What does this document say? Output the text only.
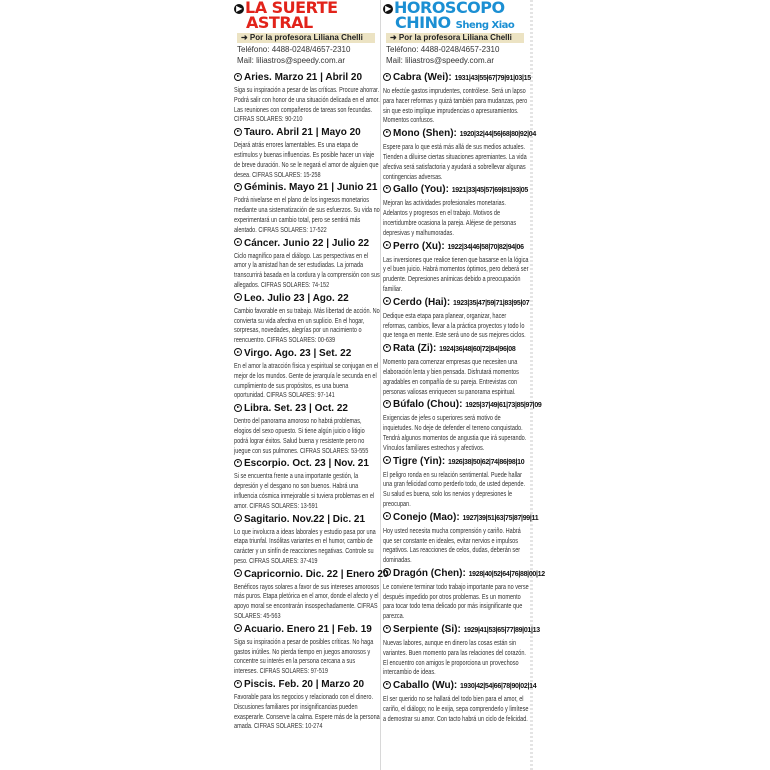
▶ LA SUERTE
ASTRAL
➜ Por la profesora Liliana Chelli
Teléfono: 4488-0248/4657-2310
Mail: liliastros@speedy.com.ar
Aries. Marzo 21 | Abril 20
Siga su inspiración a pesar de las críticas. Procure ahorrar. Podrá salir con honor de una situación delicada en el amor. Las reuniones con compañeros de tareas son fecundas. CIFRAS SOLARES: 90-210
Tauro. Abril 21 | Mayo 20
Dejará atrás errores lamentables. Es una etapa de estímulos y buenas influencias. Es posible hacer un viaje de breve duración. No se le negará el amor de alguien que desea. CIFRAS SOLARES: 15-258
Géminis. Mayo 21 | Junio 21
Podrá nivelarse en el plano de los ingresos monetarios mediante una sistematización de sus esfuerzos. Su vida no experimentará un cambio total, pero se sentirá más alentado. CIFRAS SOLARES: 17-522
Cáncer. Junio 22 | Julio 22
Ciclo magnífico para el diálogo. Las perspectivas en el amor y la amistad han de ser estudiadas. La jornada transcurrirá basada en la cordura y la comprensión con sus allegados. CIFRAS SOLARES: 74-152
Leo. Julio 23 | Ago. 22
Cambio favorable en su trabajo. Más libertad de acción. No convierta su vida afectiva en un suplicio. En el hogar, sorpresas, novedades, alegrías por un nacimiento o reencuentro. CIFRAS SOLARES: 00-639
Virgo. Ago. 23 | Set. 22
En el amor la atracción física y espiritual se conjugan en el mejor de los mundos. Gente de jerarquía le secunda en el cumplimiento de sus propósitos, es una buena oportunidad. CIFRAS SOLARES: 97-141
Libra. Set. 23 | Oct. 22
Dentro del panorama amoroso no habrá problemas, elogios del sexo opuesto. Si tiene algún juicio o litigio podrá lograr éxitos. Salud buena y resistente pero no juegue con sus pulmones. CIFRAS SOLARES: 53-555
Escorpio. Oct. 23 | Nov. 21
Si se encuentra frente a una importante gestión, la depresión y el desgano no son buenos. Habrá una influencia cósmica inmejorable si tuviera problemas en el amor. CIFRAS SOLARES: 13-591
Sagitario. Nov.22 | Dic. 21
Lo que involucra a ideas laborales y estudio pasa por una etapa triunfal. Insólitas variantes en el humor, cambio de carácter y un sinfín de reacciones negativas. Controle su peso. CIFRAS SOLARES: 37-419
Capricornio. Dic. 22 | Enero 20
Benéficos rayos solares a favor de sus intereses amorosos más puros. Etapa pletórica en el amor, donde el afecto y el apoyo moral se encontrarán insospechadamente. CIFRAS SOLARES: 45-563
Acuario. Enero 21 | Feb. 19
Siga su inspiración a pesar de posibles críticas. No haga gastos inútiles. No pierda tiempo en juegos amorosos y concentre su interés en la persona cercana a sus intereses. CIFRAS SOLARES: 97-519
Piscis. Feb. 20 | Marzo 20
Favorable para los negocios y relacionado con el dinero. Discusiones familiares por insignificancias pueden exasperarle. Conserve la calma. Espere más de la persona amada. CIFRAS SOLARES: 10-274
▶ HOROSCOPO
CHINO Sheng Xiao
➜ Por la profesora Liliana Chelli
Teléfono: 4488-0248/4657-2310
Mail: liliastros@speedy.com.ar
Cabra (Wei): 1931|43|55|67|79|91|03|15
No efectúe gastos imprudentes, contrólese. Será un lapso para hacer reformas y quizá también para mudanzas, pero sin que esto implique imprudencias o apresuramientos. Momentos confusos.
Mono (Shen): 1920|32|44|56|68|80|92|04
Espere para lo que está más allá de sus medios actuales. Tienden a diluirse ciertas situaciones apremiantes. La vida afectiva será satisfactoria y ayudará a sobrellevar algunas contingencias adversas.
Gallo (You): 1921|33|45|57|69|81|93|05
Mejoran las actividades profesionales monetarias. Adelantos y progresos en el trabajo. Motivos de incertidumbre ocasiona la pareja. Aléjese de personas depresivas y malhumoradas.
Perro (Xu): 1922|34|46|58|70|82|94|06
Las inversiones que realice tienen que basarse en la lógica y el buen juicio. Habrá momentos óptimos, pero deberá ser prudente. Depresiones anímicas debido a preocupación familiar.
Cerdo (Hai): 1923|35|47|59|71|83|95|07
Dedique esta etapa para planear, organizar, hacer reformas, cambios, llevar a la práctica proyectos y todo lo que tenga en mente. Este será uno de sus mejores ciclos.
Rata (Zi): 1924|36|48|60|72|84|96|08
Momento para comenzar empresas que necesiten una elaboración lenta y bien pensada. Disfrutará momentos agradables en compañía de su pareja. Entrevistas con personas valiosas enriquecen su panorama espiritual.
Búfalo (Chou): 1925|37|49|61|73|85|97|09
Exigencias de jefes o superiores será motivo de inquietudes. No deje de defender el terreno conquistado. Tendrá algunos momentos de angustia que irá superando. Vínculos familiares estrechos y afectivos.
Tigre (Yin): 1926|38|50|62|74|86|98|10
El peligro ronda en su relación sentimental. Puede hallar una gran felicidad como perderlo todo, de usted depende. Su salud es buena, solo los nervios y depresiones le preocupan.
Conejo (Mao): 1927|39|51|63|75|87|99|11
Hoy usted necesita mucha comprensión y cariño. Habrá que ser constante en ideales, evitar nervios e impulsos negativos. Las reacciones de celos, dudas, deberán ser dominadas.
Dragón (Chen): 1928|40|52|64|76|88|00|12
Le conviene terminar todo trabajo importante para no verse después impedido por otros problemas. Es un momento para tocar todo tema delicado por más insignificante que parezca.
Serpiente (Si): 1929|41|53|65|77|89|01|13
Nuevas labores, aunque en dinero las cosas están sin variantes. Buen momento para las relaciones del corazón. El encuentro con amigos le proporciona un provechoso intercambio de ideas.
Caballo (Wu): 1930|42|54|66|78|90|02|14
El ser querido no se hallará del todo bien para el amor, el cariño, el diálogo; no le exija, sepa comprenderlo y limítese a demostrar su amor. Con tacto habrá un ciclo de felicidad.
